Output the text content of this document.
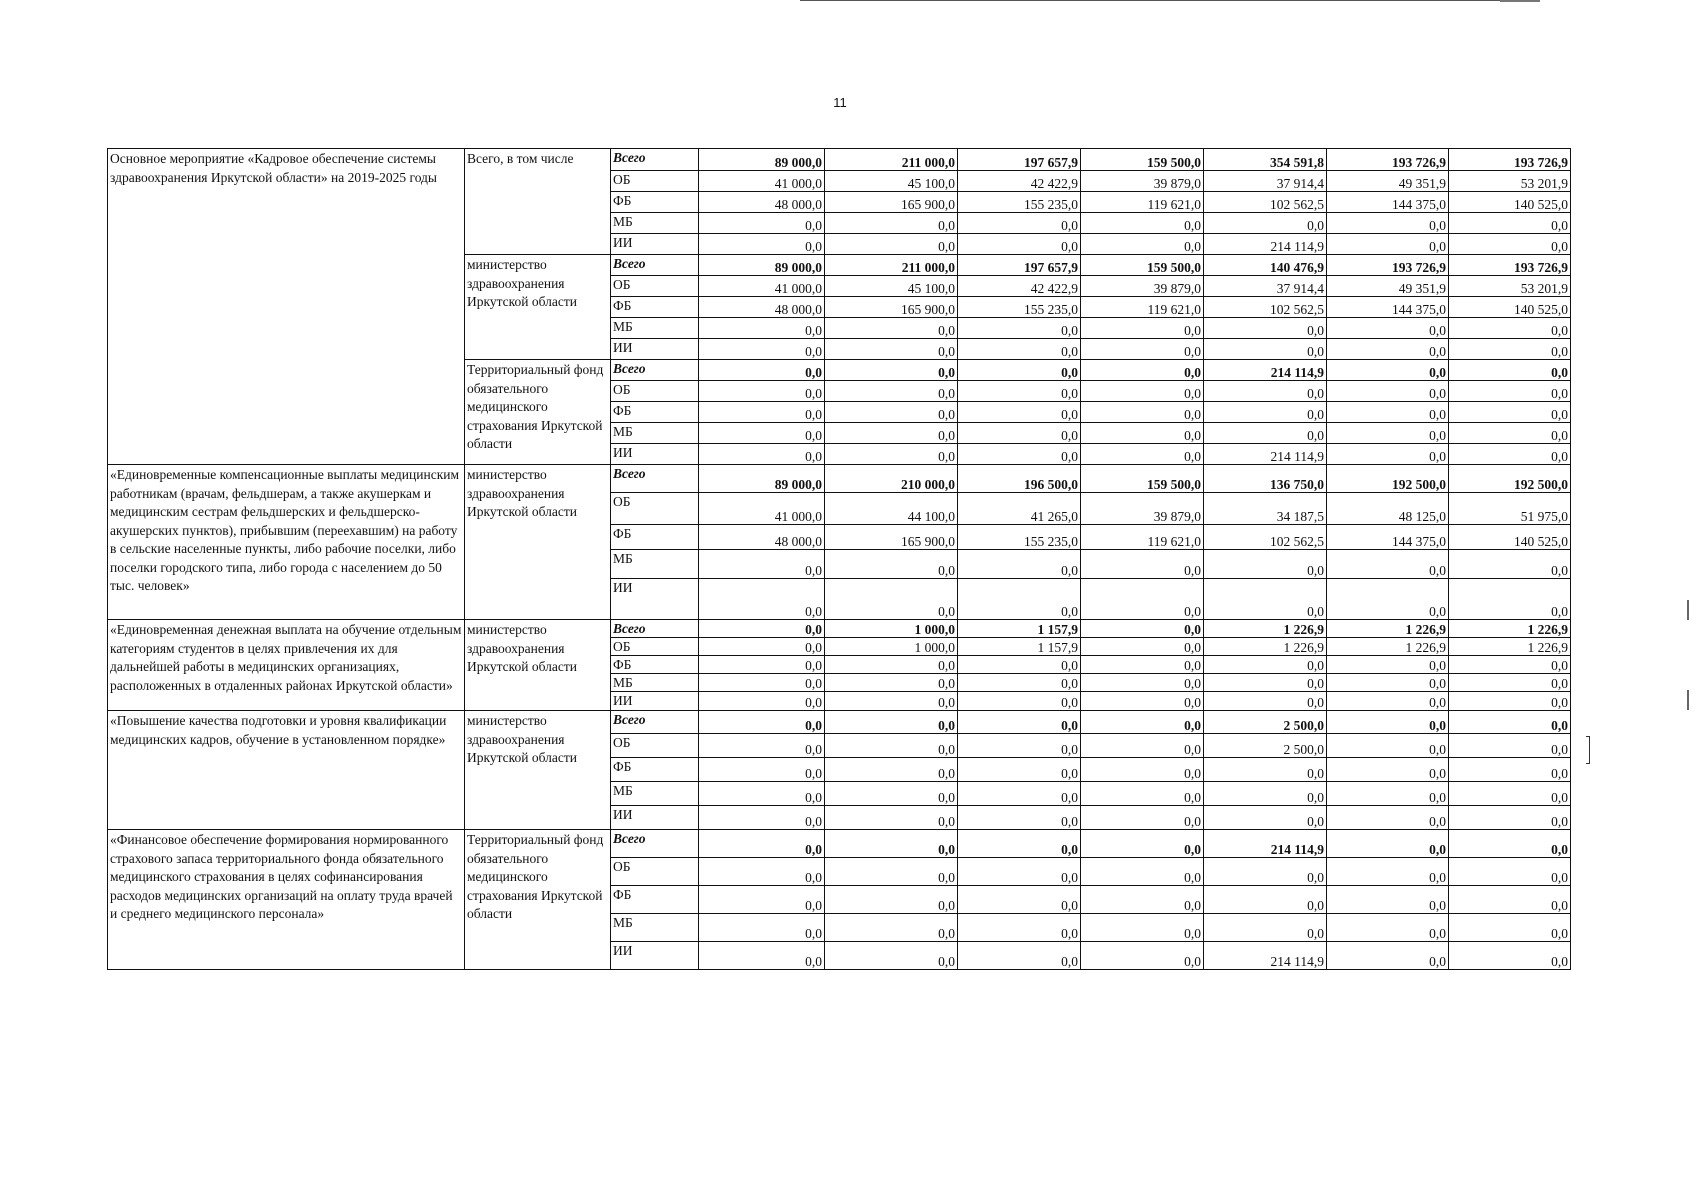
11
Основное мероприятие «Кадровое обеспечение системы здравоохранения Иркутской области» на 2019-2025 годы	Всего, в том числе	Всего	89 000,0	211 000,0	197 657,9	159 500,0	354 591,8	193 726,9	193 726,9
		ОБ	41 000,0	45 100,0	42 422,9	39 879,0	37 914,4	49 351,9	53 201,9
		ФБ	48 000,0	165 900,0	155 235,0	119 621,0	102 562,5	144 375,0	140 525,0
		МБ	0,0	0,0	0,0	0,0	0,0	0,0	0,0
		ИИ	0,0	0,0	0,0	0,0	214 114,9	0,0	0,0
	министерство здравоохранения Иркутской области	Всего	89 000,0	211 000,0	197 657,9	159 500,0	140 476,9	193 726,9	193 726,9
		ОБ	41 000,0	45 100,0	42 422,9	39 879,0	37 914,4	49 351,9	53 201,9
		ФБ	48 000,0	165 900,0	155 235,0	119 621,0	102 562,5	144 375,0	140 525,0
		МБ	0,0	0,0	0,0	0,0	0,0	0,0	0,0
		ИИ	0,0	0,0	0,0	0,0	0,0	0,0	0,0
	Территориальный фонд обязательного медицинского страхования Иркутской области	Всего	0,0	0,0	0,0	0,0	214 114,9	0,0	0,0
		ОБ	0,0	0,0	0,0	0,0	0,0	0,0	0,0
		ФБ	0,0	0,0	0,0	0,0	0,0	0,0	0,0
		МБ	0,0	0,0	0,0	0,0	0,0	0,0	0,0
		ИИ	0,0	0,0	0,0	0,0	214 114,9	0,0	0,0
«Единовременные компенсационные выплаты медицинским работникам (врачам, фельдшерам, а также акушеркам и медицинским сестрам фельдшерских и фельдшерско-акушерских пунктов), прибывшим (переехавшим) на работу в сельские населенные пункты, либо рабочие поселки, либо поселки городского типа, либо города с населением до 50 тыс. человек»	министерство здравоохранения Иркутской области	Всего	89 000,0	210 000,0	196 500,0	159 500,0	136 750,0	192 500,0	192 500,0
		ОБ	41 000,0	44 100,0	41 265,0	39 879,0	34 187,5	48 125,0	51 975,0
		ФБ	48 000,0	165 900,0	155 235,0	119 621,0	102 562,5	144 375,0	140 525,0
		МБ	0,0	0,0	0,0	0,0	0,0	0,0	0,0
		ИИ	0,0	0,0	0,0	0,0	0,0	0,0	0,0
«Единовременная денежная выплата на обучение отдельным категориям студентов в целях привлечения их для дальнейшей работы в медицинских организациях, расположенных в отдаленных районах Иркутской области»	министерство здравоохранения Иркутской области	Всего	0,0	1 000,0	1 157,9	0,0	1 226,9	1 226,9	1 226,9
		ОБ	0,0	1 000,0	1 157,9	0,0	1 226,9	1 226,9	1 226,9
		ФБ	0,0	0,0	0,0	0,0	0,0	0,0	0,0
		МБ	0,0	0,0	0,0	0,0	0,0	0,0	0,0
		ИИ	0,0	0,0	0,0	0,0	0,0	0,0	0,0
«Повышение качества подготовки и уровня квалификации медицинских кадров, обучение в установленном порядке»	министерство здравоохранения Иркутской области	Всего	0,0	0,0	0,0	0,0	2 500,0	0,0	0,0
		ОБ	0,0	0,0	0,0	0,0	2 500,0	0,0	0,0
		ФБ	0,0	0,0	0,0	0,0	0,0	0,0	0,0
		МБ	0,0	0,0	0,0	0,0	0,0	0,0	0,0
		ИИ	0,0	0,0	0,0	0,0	0,0	0,0	0,0
«Финансовое обеспечение формирования нормированного страхового запаса территориального фонда обязательного медицинского страхования в целях софинансирования расходов медицинских организаций на оплату труда врачей и среднего медицинского персонала»	Территориальный фонд обязательного медицинского страхования Иркутской области	Всего	0,0	0,0	0,0	0,0	214 114,9	0,0	0,0
		ОБ	0,0	0,0	0,0	0,0	0,0	0,0	0,0
		ФБ	0,0	0,0	0,0	0,0	0,0	0,0	0,0
		МБ	0,0	0,0	0,0	0,0	0,0	0,0	0,0
		ИИ	0,0	0,0	0,0	0,0	214 114,9	0,0	0,0
